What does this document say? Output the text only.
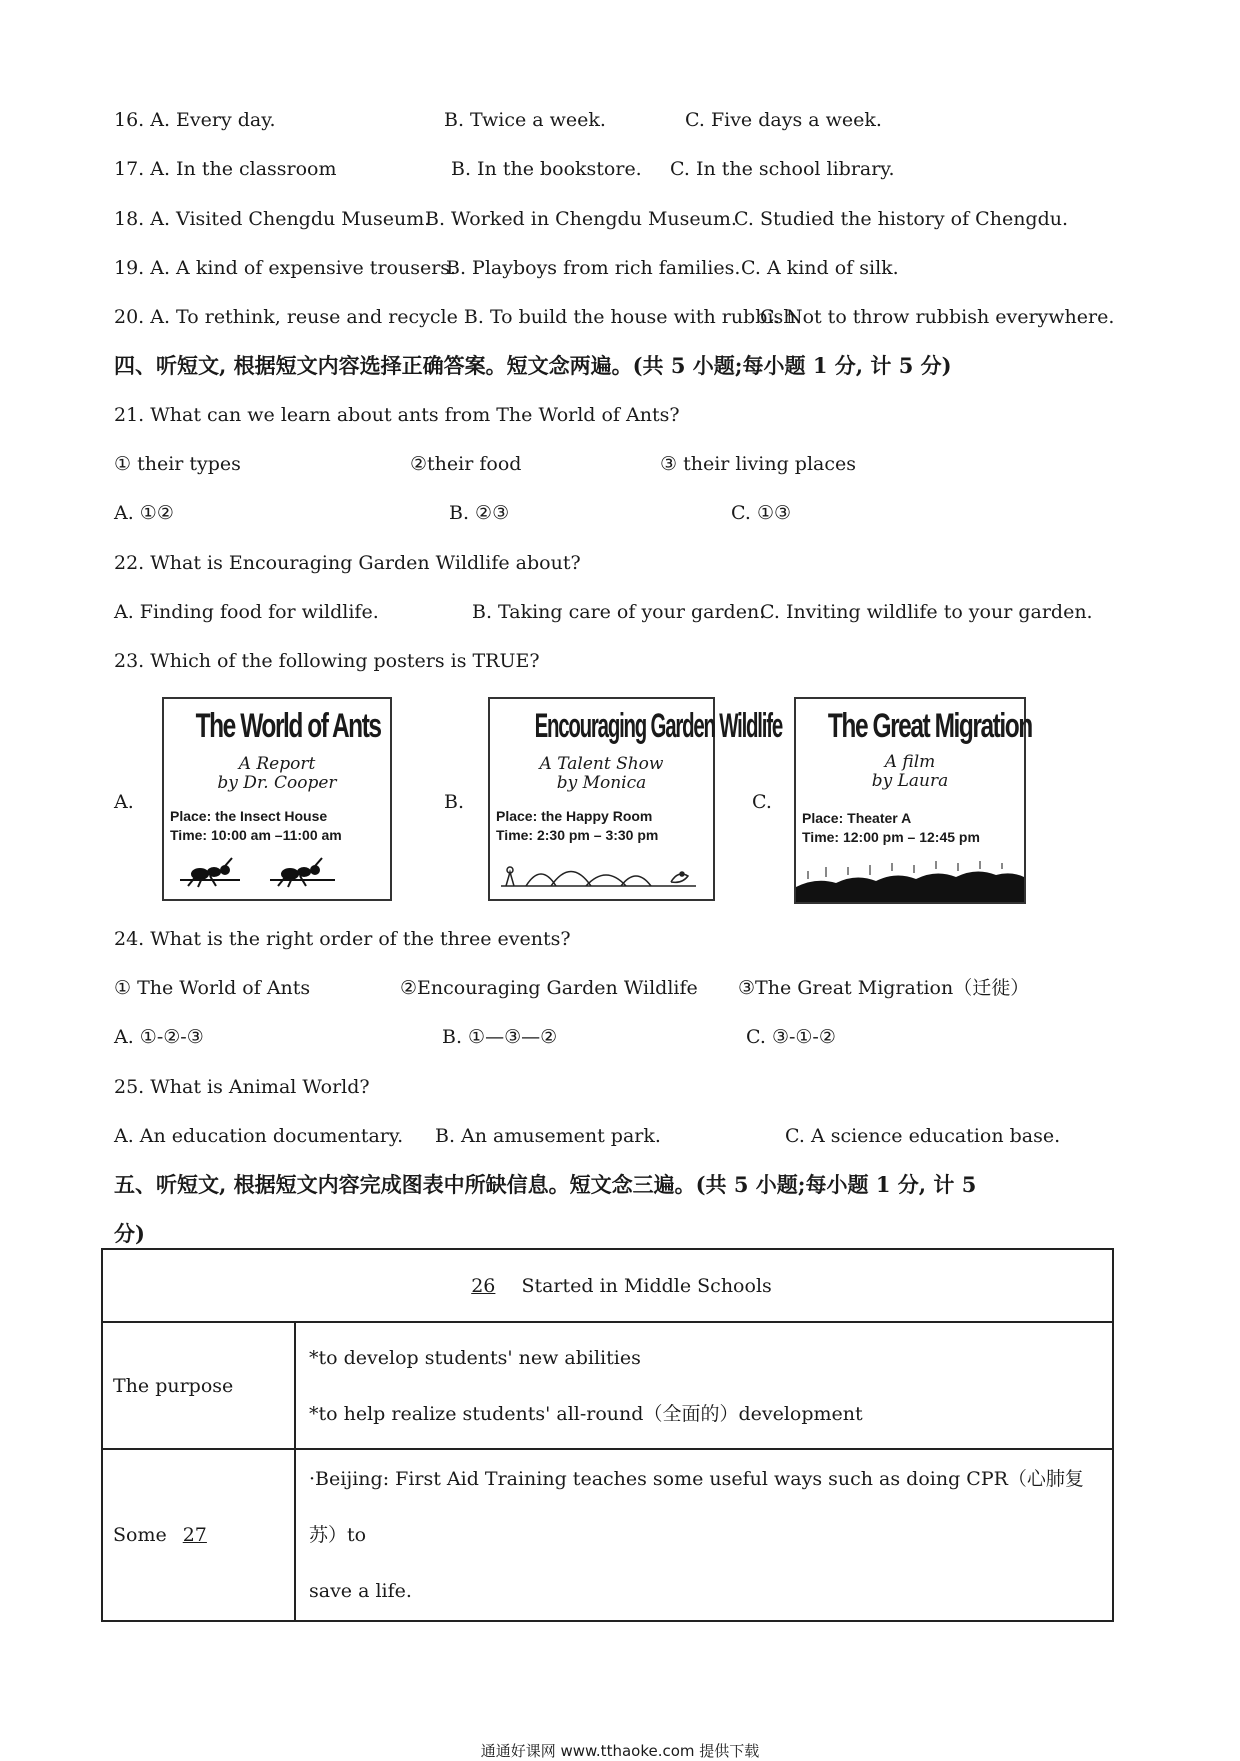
16. A. Every day.	B. Twice a week.	C. Five days a week.
17. A. In the classroom	B. In the bookstore. C. In the school library.
18. A. Visited Chengdu Museum.
B. Worked in Chengdu Museum.
C. Studied the history of Chengdu.
19. A. A kind of expensive trousers.
B. Playboys from rich families. C. A kind of silk.
20. A. To rethink, reuse and recycle B. To build the house with rubbish.
C. Not to throw rubbish everywhere.
四、听短文, 根据短文内容选择正确答案。短文念两遍。(共 5 小题;每小题 1 分, 计 5 分)
21. What can we learn about ants from The World of Ants?
① their types	②their food	③ their living places
A. ①②	B. ②③	C. ①③
22. What is Encouraging Garden Wildlife about?
A. Finding food for wildlife.	B. Taking care of your garden.
C. Inviting wildlife to your garden.
23. Which of the following posters is TRUE?
A.	B.	C.
The World of Ants
A Report
by Dr. Cooper
Place: the Insect House
Time: 10:00 am –11:00 am
Encouraging Garden Wildlife
A Talent Show
by Monica
Place: the Happy Room
Time: 2:30 pm – 3:30 pm
The Great Migration
A film
by Laura
Place: Theater A
Time: 12:00 pm – 12:45 pm
24. What is the right order of the three events?
① The World of Ants	②Encouraging Garden Wildlife ③The Great Migration（迁徙）
A. ①-②-③	B. ①—③—②	C. ③-①-②
25. What is Animal World?
A. An education documentary. B. An amusement park.	C. A science education base.
五、听短文, 根据短文内容完成图表中所缺信息。短文念三遍。(共 5 小题;每小题 1 分, 计 5
分)
26 Started in Middle Schools	
The purpose	*to develop students' new abilities
*to help realize students' all-round（全面的）development

Some 27	·Beijing: First Aid Training teaches some useful ways such as doing CPR（心肺复苏）to
save a life.
通通好课网 www.tthaoke.com 提供下载
